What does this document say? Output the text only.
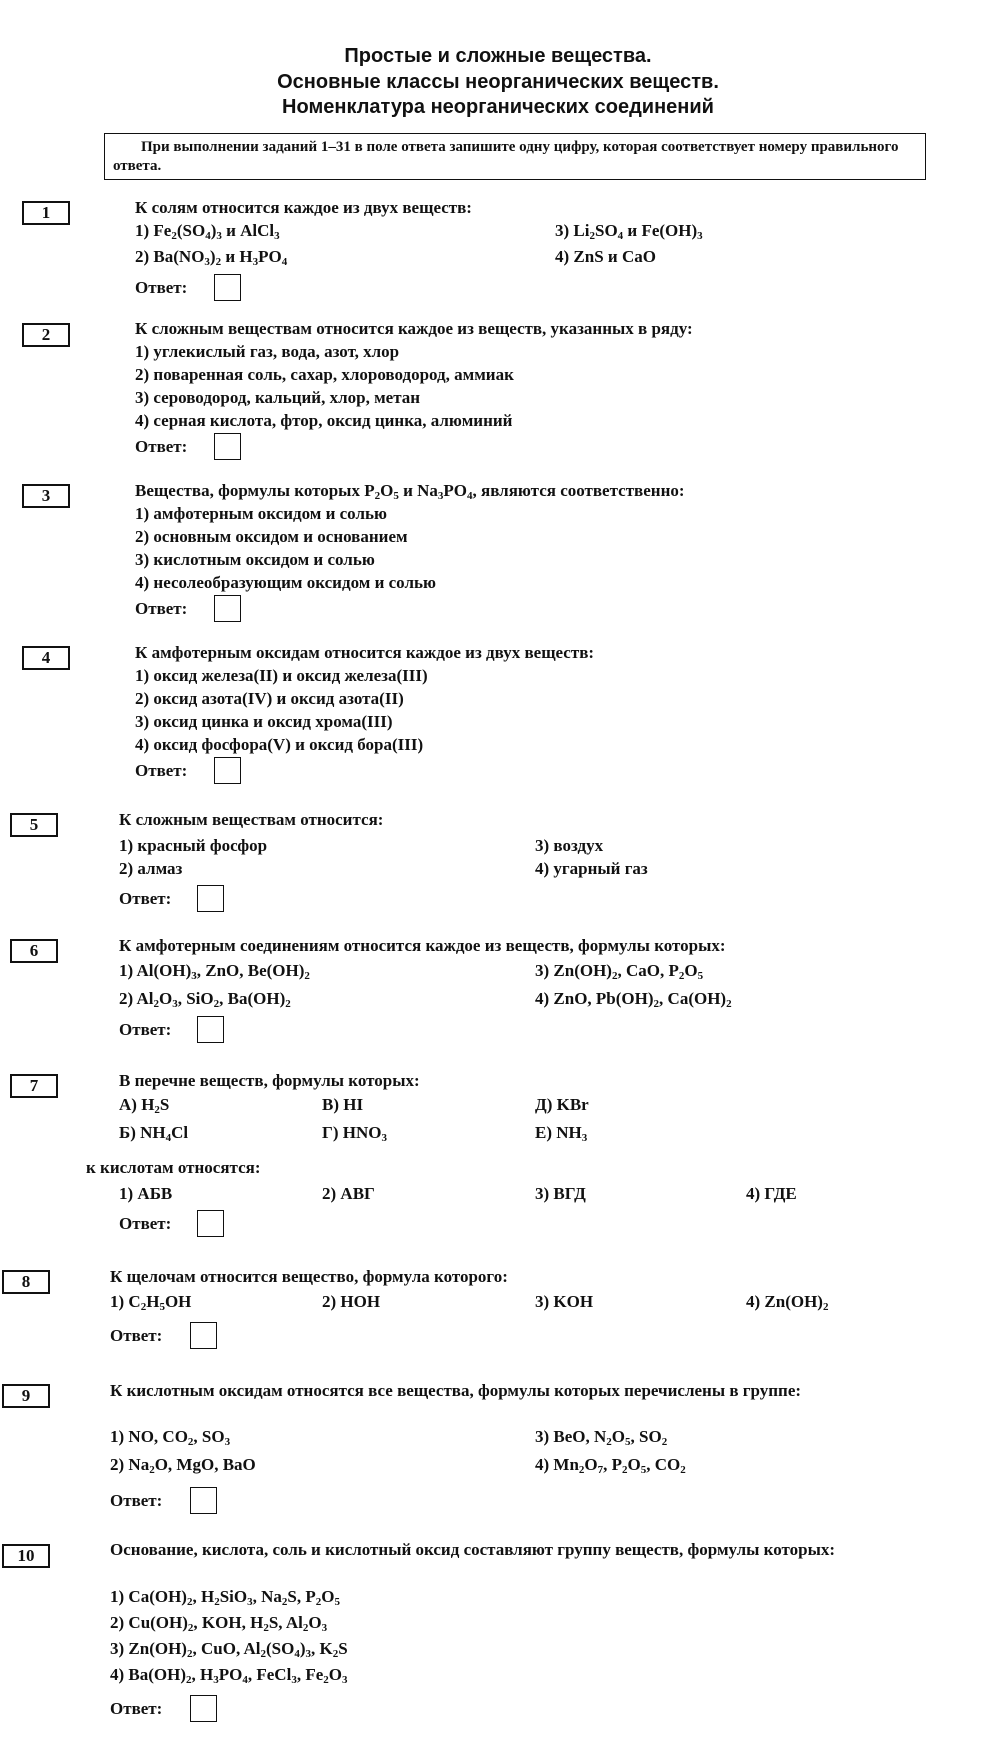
Простые и сложные вещества.
Основные классы неорганических веществ.
Номенклатура неорганических соединений
При выполнении заданий 1–31 в поле ответа запишите одну цифру, которая соответствует номеру правильного ответа.
1	К солям относится каждое из двух веществ:
1) $Fe_2(SO_4)_3$ и AlCl$_3$	3) $Li_2SO_4$ и $Fe(OH)_3$
2) $Ba(NO_3)_2$ и $H_3PO_4$	4) ZnS и CaO
Ответ:
2	К сложным веществам относится каждое из веществ, указанных в ряду:
1) углекислый газ, вода, азот, хлор
2) поваренная соль, сахар, хлороводород, аммиак
3) сероводород, кальций, хлор, метан
4) серная кислота, фтор, оксид цинка, алюминий
Ответ:
3	Вещества, формулы которых $P_2O_5$ и $Na_3PO_4$, являются соответственно:
1) амфотерным оксидом и солью
2) основным оксидом и основанием
3) кислотным оксидом и солью
4) несолеобразующим оксидом и солью
Ответ:
4	К амфотерным оксидам относится каждое из двух веществ:
1) оксид железа(II) и оксид железа(III)
2) оксид азота(IV) и оксид азота(II)
3) оксид цинка и оксид хрома(III)
4) оксид фосфора(V) и оксид бора(III)
Ответ:
5	К сложным веществам относится:
1) красный фосфор	3) воздух
2) алмаз	4) угарный газ
Ответ:
6	К амфотерным соединениям относится каждое из веществ, формулы которых:
1) $Al(OH)_3$, ZnO, $Be(OH)_2$	3) $Zn(OH)_2$, CaO, $P_2O_5$
2) $Al_2O_3$, SiO$_2$, $Ba(OH)_2$	4) ZnO, $Pb(OH)_2$, $Ca(OH)_2$
Ответ:
7	В перечне веществ, формулы которых:
А) $H_2S$	В) HI	Д) KBr
Б) $NH_4Cl$	Г) $HNO_3$	Е) $NH_3$
к кислотам относятся:
1) АБВ	2) АВГ	3) ВГД	4) ГДЕ
Ответ:
8	К щелочам относится вещество, формула которого:
1) $C_2H_5OH$	2) HOH	3) KOH	4) $Zn(OH)_2$
Ответ:
9	К кислотным оксидам относятся все вещества, формулы которых перечислены в группе:
1) NO, $CO_2$, $SO_3$	3) BeO, $N_2O_5$, $SO_2$
2) $Na_2O$, MgO, BaO	4) $Mn_2O_7$, $P_2O_5$, $CO_2$
Ответ:
10	Основание, кислота, соль и кислотный оксид составляют группу веществ, формулы которых:
1) $Ca(OH)_2$, $H_2SiO_3$, $Na_2S$, $P_2O_5$
2) $Cu(OH)_2$, KOH, $H_2S$, $Al_2O_3$
3) $Zn(OH)_2$, CuO, $Al_2(SO_4)_3$, $K_2S$
4) $Ba(OH)_2$, $H_3PO_4$, FeCl$_3$, $Fe_2O_3$
Ответ:
